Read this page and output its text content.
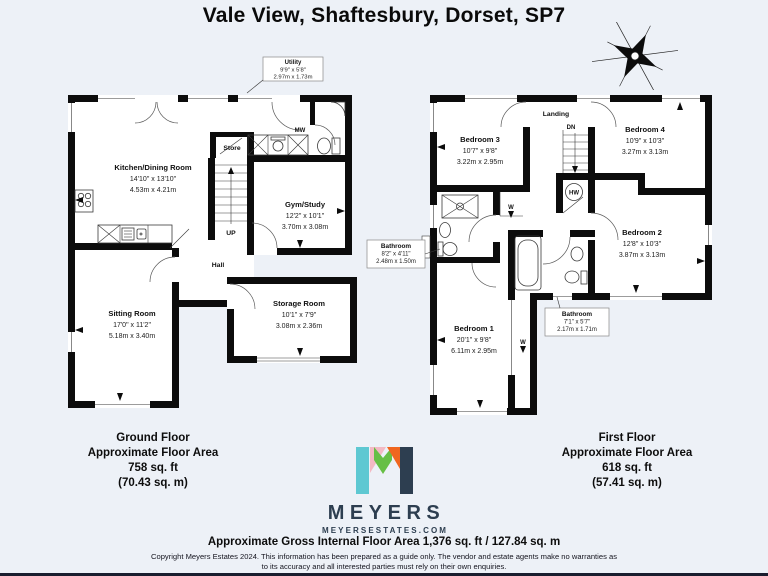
Vale View, Shaftesbury, Dorset, SP7
Utility
9'9" x 5'8"
2.97m x 1.73m
Kitchen/Dining Room
14'10" x 13'10"
4.53m x 4.21m
Gym/Study
12'2" x 10'1"
3.70m x 3.08m
Sitting Room
17'0" x 11'2"
5.18m x 3.40m
Storage Room
10'1" x 7'9"
3.08m x 2.36m
Store
UP
Hall
MW
HW
Bathroom
8'2" x 4'11"
2.48m x 1.50m
Bathroom
7'1" x 5'7"
2.17m x 1.71m
Bedroom 3
10'7" x 9'8"
3.22m x 2.95m
Bedroom 4
10'9" x 10'3"
3.27m x 3.13m
Bedroom 2
12'8" x 10'3"
3.87m x 3.13m
Bedroom 1
20'1" x 9'8"
6.11m x 2.95m
Landing
DN
W
W
Ground Floor
Approximate Floor Area
758 sq. ft
(70.43 sq. m)
First Floor
Approximate Floor Area
618 sq. ft
(57.41 sq. m)
MEYERS
MEYERSESTATES.COM
Approximate Gross Internal Floor Area 1,376 sq. ft / 127.84 sq. m
Copyright Meyers Estates 2024. This information has been prepared as a guide only. The vendor and estate agents make no warranties as to its accuracy and all interested parties must rely on their own enquiries.
